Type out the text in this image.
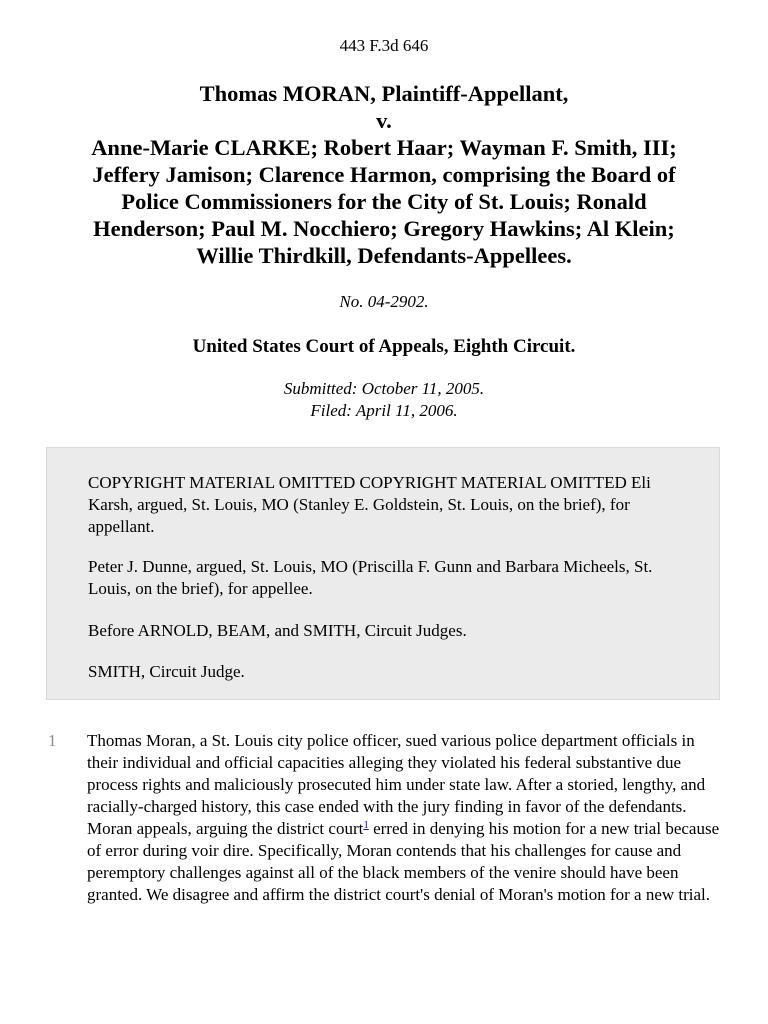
443 F.3d 646
Thomas MORAN, Plaintiff-Appellant,
v.
Anne-Marie CLARKE; Robert Haar; Wayman F. Smith, III;
Jeffery Jamison; Clarence Harmon, comprising the Board of
Police Commissioners for the City of St. Louis; Ronald
Henderson; Paul M. Nocchiero; Gregory Hawkins; Al Klein;
Willie Thirdkill, Defendants-Appellees.
No. 04-2902.
United States Court of Appeals, Eighth Circuit.
Submitted: October 11, 2005.
Filed: April 11, 2006.

COPYRIGHT MATERIAL OMITTED COPYRIGHT MATERIAL OMITTED Eli Karsh, argued, St. Louis, MO (Stanley E. Goldstein, St. Louis, on the brief), for appellant.

Peter J. Dunne, argued, St. Louis, MO (Priscilla F. Gunn and Barbara Micheels, St. Louis, on the brief), for appellee.

Before ARNOLD, BEAM, and SMITH, Circuit Judges.

SMITH, Circuit Judge.

1 Thomas Moran, a St. Louis city police officer, sued various police department officials in their individual and official capacities alleging they violated his federal substantive due process rights and maliciously prosecuted him under state law. After a storied, lengthy, and racially-charged history, this case ended with the jury finding in favor of the defendants. Moran appeals, arguing the district court$^1$ erred in denying his motion for a new trial because of error during voir dire. Specifically, Moran contends that his challenges for cause and peremptory challenges against all of the black members of the venire should have been granted. We disagree and affirm the district court's denial of Moran's motion for a new trial.
